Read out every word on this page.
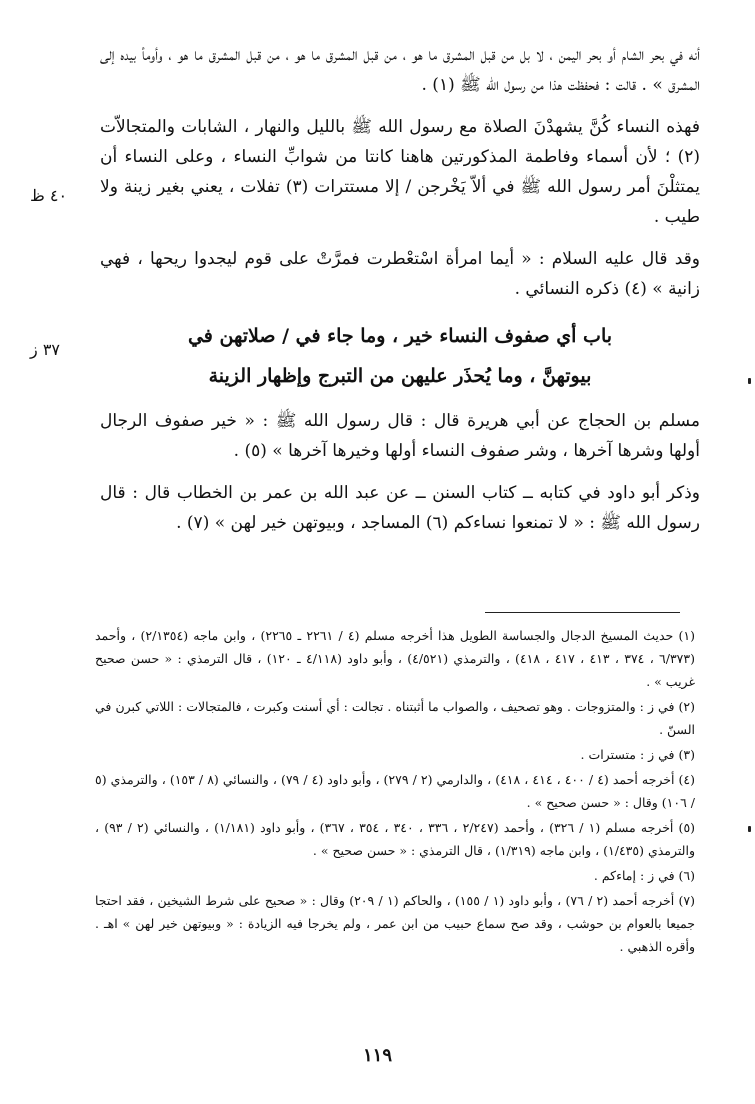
أنه في بحر الشام أو بحر اليمن ، لا بل من قبل المشرق ما هو ، من قبل المشرق ما هو ، من قبل المشرق ما هو ، وأومأ بيده إلى المشرق » . قالت : فحفظت هذا من رسول الله ﷺ (١) .

فهذه النساء كُنَّ يشهدْنَ الصلاة مع رسول الله ﷺ بالليل والنهار ، الشابات والمتجالاّت (٢) ؛ لأن أسماء وفاطمة المذكورتين هاهنا كانتا من شوابِّ النساء ، وعلى النساء أن يمتثلْنَ أمر رسول الله ﷺ في ألاّ يَخْرجن / إلا مستترات (٣) تفلات ، يعني بغير زينة ولا طيب .

وقد قال عليه السلام : « أيما امرأة اسْتعْطرت فمرَّتْ على قوم ليجدوا ريحها ، فهي زانية » (٤) ذكره النسائي .

باب أي صفوف النساء خير ، وما جاء في / صلاتهن في
بيوتهنَّ ، وما يُحذَر عليهن من التبرج وإظهار الزينة

مسلم بن الحجاج عن أبي هريرة قال : قال رسول الله ﷺ : « خير صفوف الرجال أولها وشرها آخرها ، وشر صفوف النساء أولها وخيرها آخرها » (٥) .

وذكر أبو داود في كتابه ــ كتاب السنن ــ عن عبد الله بن عمر بن الخطاب قال : قال رسول الله ﷺ : « لا تمنعوا نساءكم (٦) المساجد ، وبيوتهن خير لهن » (٧) .

٤٠ ظ
٣٧ ز

(١) حديث المسيخ الدجال والجساسة الطويل هذا أخرجه مسلم (٤ / ٢٢٦١ ـ ٢٢٦٥) ، وابن ماجه (٢/١٣٥٤) ، وأحمد (٦/٣٧٣ ، ٣٧٤ ، ٤١٣ ، ٤١٧ ، ٤١٨) ، والترمذي (٤/٥٢١) ، وأبو داود (٤/١١٨ ـ ١٢٠) ، قال الترمذي : « حسن صحيح غريب » .

(٢) في ز : والمتزوجات . وهو تصحيف ، والصواب ما أثبتناه . تجالت : أي أسنت وكبرت ، فالمتجالات : اللاتي كبرن في السنّ .

(٣) في ز : متسترات .

(٤) أخرجه أحمد (٤ / ٤٠٠ ، ٤١٤ ، ٤١٨) ، والدارمي (٢ / ٢٧٩) ، وأبو داود (٤ / ٧٩) ، والنسائي (٨ / ١٥٣) ، والترمذي (٥ / ١٠٦) وقال : « حسن صحيح » .

(٥) أخرجه مسلم (١ / ٣٢٦) ، وأحمد (٢/٢٤٧ ، ٣٣٦ ، ٣٤٠ ، ٣٥٤ ، ٣٦٧) ، وأبو داود (١/١٨١) ، والنسائي (٢ / ٩٣) ، والترمذي (١/٤٣٥) ، وابن ماجه (١/٣١٩) ، قال الترمذي : « حسن صحيح » .

(٦) في ز : إماءكم .

(٧) أخرجه أحمد (٢ / ٧٦) ، وأبو داود (١ / ١٥٥) ، والحاكم (١ / ٢٠٩) وقال : « صحيح على شرط الشيخين ، فقد احتجا جميعا بالعوام بن حوشب ، وقد صح سماع حبيب من ابن عمر ، ولم يخرجا فيه الزيادة : « وبيوتهن خير لهن » اهـ . وأقره الذهبي .

١١٩
